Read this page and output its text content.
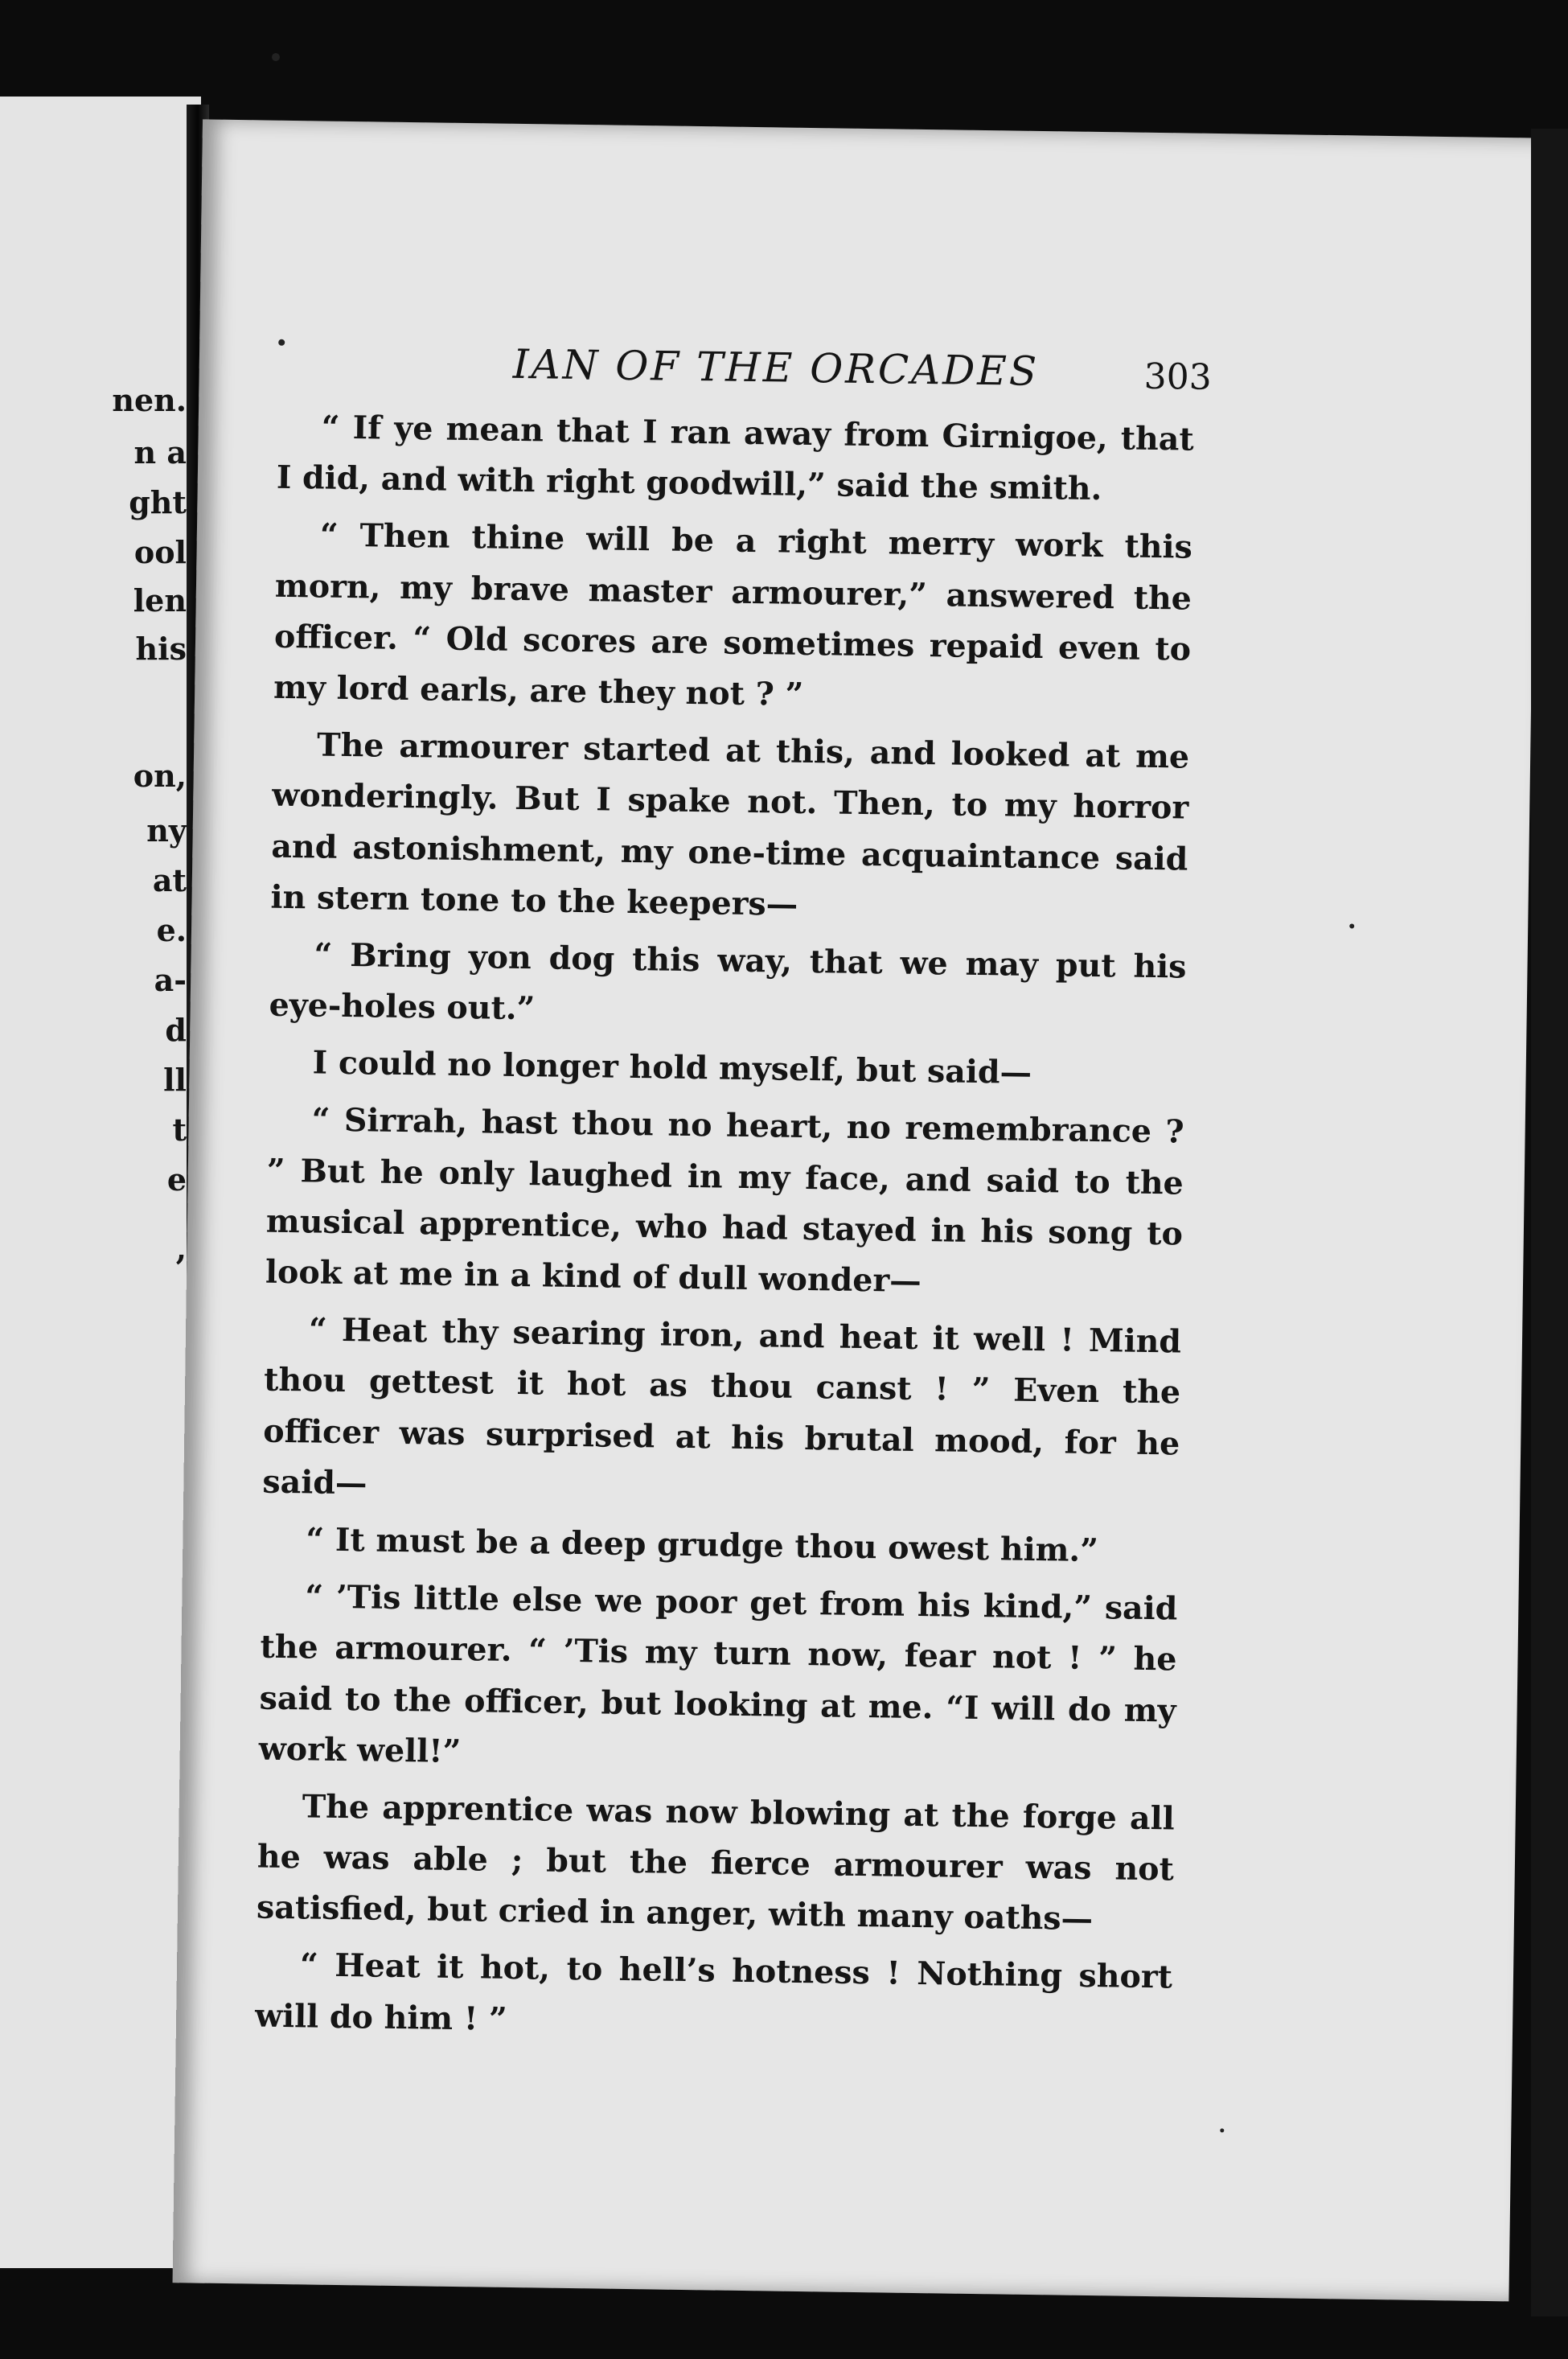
nen.
n a
ght
ool
len
his
on,
ny
at
e.
a-
d
ll
t
e
,
IAN OF THE ORCADES	303

“ If ye mean that I ran away from Girnigoe, that I did, and with right goodwill,” said the smith.

“ Then thine will be a right merry work this morn, my brave master armourer,” answered the officer. “ Old scores are sometimes repaid even to my lord earls, are they not ? ”

The armourer started at this, and looked at me wonderingly. But I spake not. Then, to my horror and astonishment, my one-time acquaintance said in stern tone to the keepers—

“ Bring yon dog this way, that we may put his eye-holes out.”

I could no longer hold myself, but said—

“ Sirrah, hast thou no heart, no remembrance ? ” But he only laughed in my face, and said to the musical apprentice, who had stayed in his song to look at me in a kind of dull wonder—

“ Heat thy searing iron, and heat it well ! Mind thou gettest it hot as thou canst ! ” Even the officer was surprised at his brutal mood, for he said—

“ It must be a deep grudge thou owest him.”

“ ’Tis little else we poor get from his kind,” said the armourer. “ ’Tis my turn now, fear not ! ” he said to the officer, but looking at me. “I will do my work well!”

The apprentice was now blowing at the forge all he was able ; but the fierce armourer was not satisfied, but cried in anger, with many oaths—

“ Heat it hot, to hell’s hotness ! Nothing short will do him ! ”
